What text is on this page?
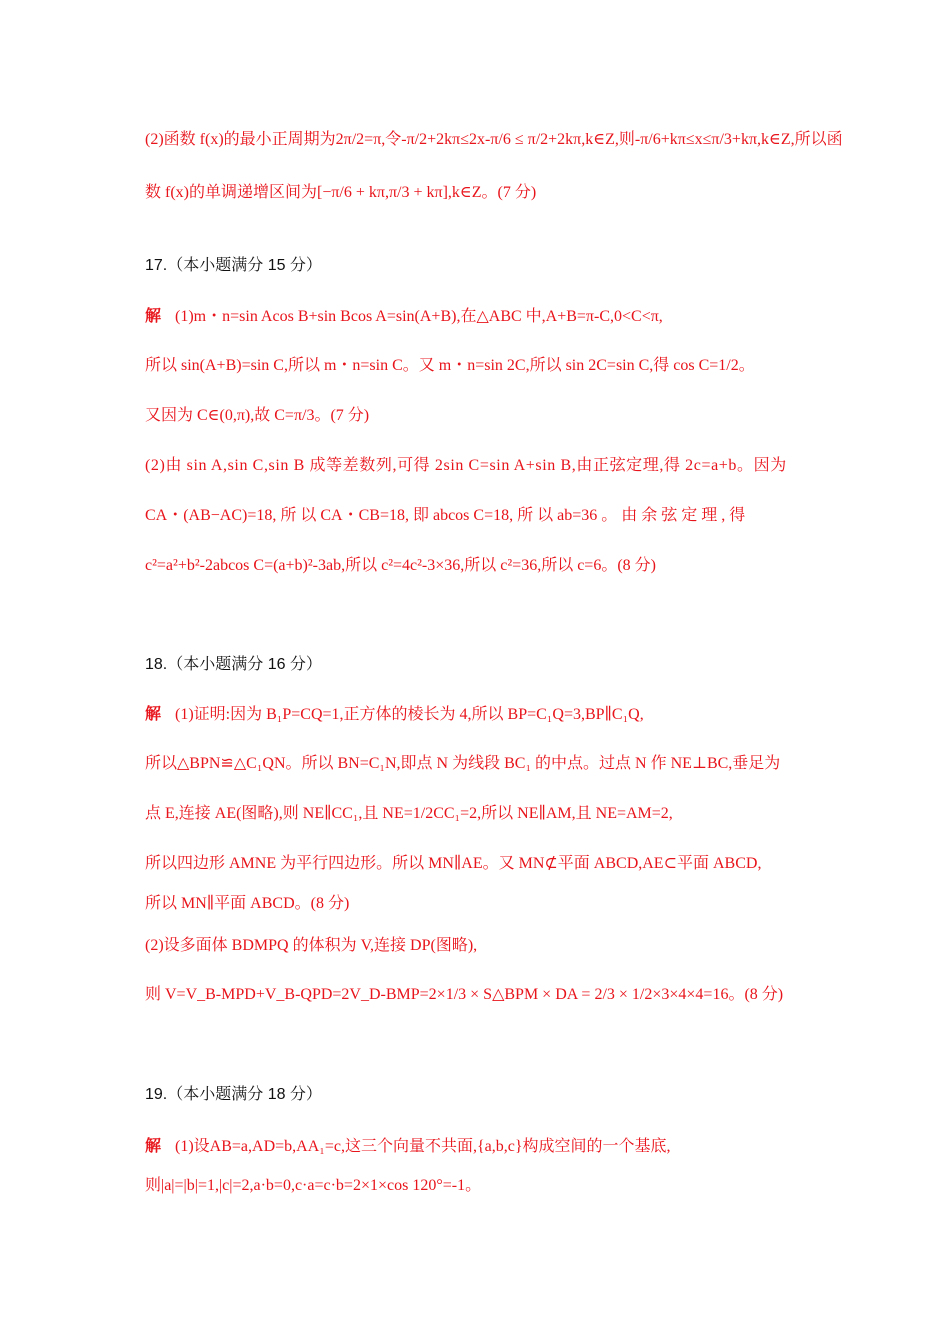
(2)函数 f(x)的最小正周期为2π/2=π,令-π/2+2kπ≤2x-π/6 ≤ π/2+2kπ,k∈Z,则-π/6+kπ≤x≤π/3+kπ,k∈Z,所以函
数 f(x)的单调递增区间为[−π/6 + kπ,π/3 + kπ],k∈Z。(7 分)
17.（本小题满分 15 分）
解 (1)m・n=sin Acos B+sin Bcos A=sin(A+B),在△ABC 中,A+B=π-C,0<C<π,
所以 sin(A+B)=sin C,所以 m・n=sin C。又 m・n=sin 2C,所以 sin 2C=sin C,得 cos C=1/2。
又因为 C∈(0,π),故 C=π/3。(7 分)
(2)由 sin A,sin C,sin B 成等差数列,可得 2sin C=sin A+sin B,由正弦定理,得 2c=a+b。因为
CA・(AB−AC)=18, 所 以 CA・CB=18, 即 abcos C=18, 所 以 ab=36 。 由 余 弦 定 理 , 得
c²=a²+b²-2abcos C=(a+b)²-3ab,所以 c²=4c²-3×36,所以 c²=36,所以 c=6。(8 分)
18.（本小题满分 16 分）
解 (1)证明:因为 B₁P=CQ=1,正方体的棱长为 4,所以 BP=C₁Q=3,BP∥C₁Q,
所以△BPN≌△C₁QN。所以 BN=C₁N,即点 N 为线段 BC₁ 的中点。过点 N 作 NE⊥BC,垂足为
点 E,连接 AE(图略),则 NE∥CC₁,且 NE=1/2CC₁=2,所以 NE∥AM,且 NE=AM=2,
所以四边形 AMNE 为平行四边形。所以 MN∥AE。又 MN⊄平面 ABCD,AE⊂平面 ABCD,
所以 MN∥平面 ABCD。(8 分)
(2)设多面体 BDMPQ 的体积为 V,连接 DP(图略),
则 V=V_B-MPD+V_B-QPD=2V_D-BMP=2×1/3 × S△BPM × DA = 2/3 × 1/2×3×4×4=16。(8 分)
19.（本小题满分 18 分）
解 (1)设AB=a,AD=b,AA₁=c,这三个向量不共面,{a,b,c}构成空间的一个基底,
则|a|=|b|=1,|c|=2,a·b=0,c·a=c·b=2×1×cos 120°=-1。
